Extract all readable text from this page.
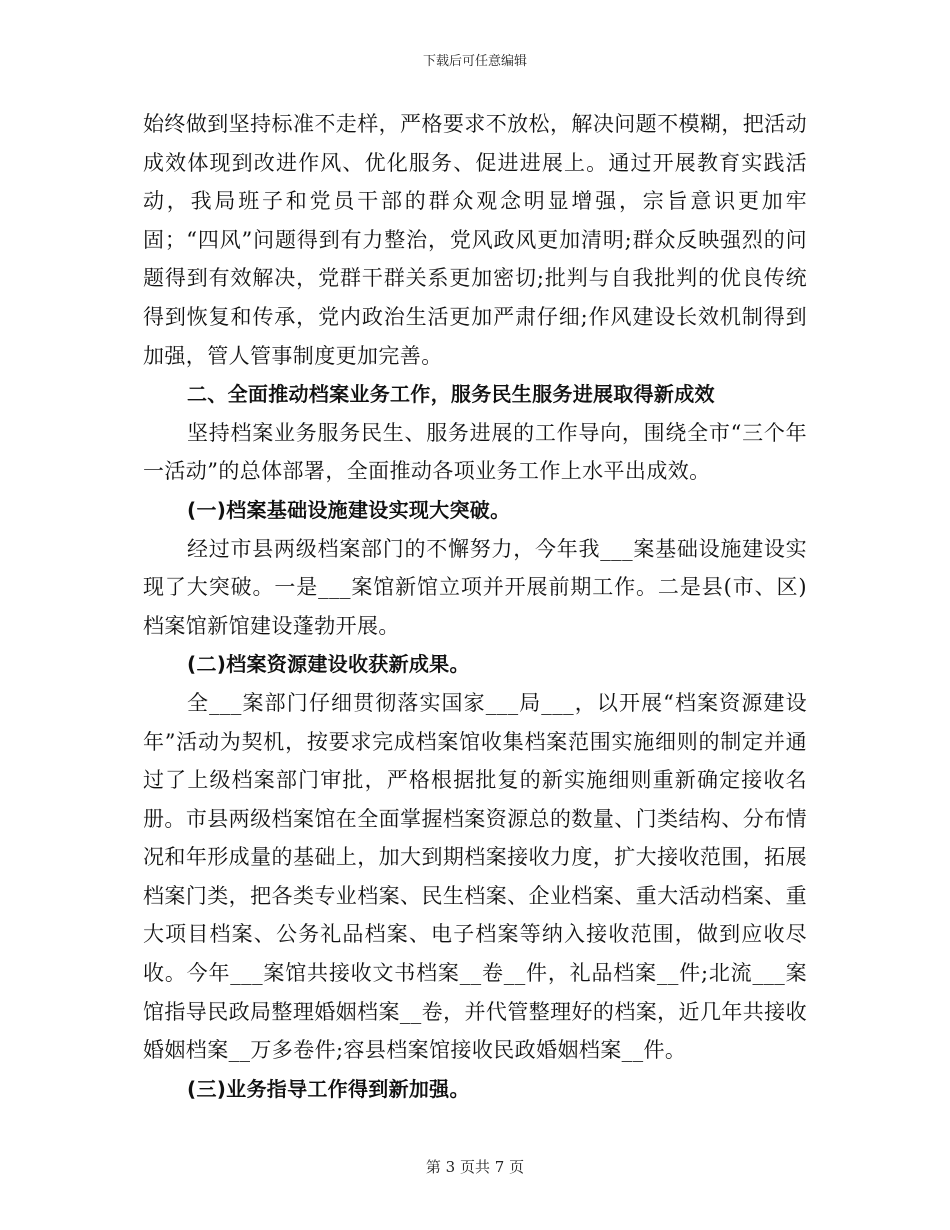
下载后可任意编辑

始终做到坚持标准不走样，严格要求不放松，解决问题不模糊，把活动成效体现到改进作风、优化服务、促进进展上。通过开展教育实践活动，我局班子和党员干部的群众观念明显增强，宗旨意识更加牢固；“四风”问题得到有力整治，党风政风更加清明;群众反映强烈的问题得到有效解决，党群干群关系更加密切;批判与自我批判的优良传统得到恢复和传承，党内政治生活更加严肃仔细;作风建设长效机制得到加强，管人管事制度更加完善。

二、全面推动档案业务工作，服务民生服务进展取得新成效

坚持档案业务服务民生、服务进展的工作导向，围绕全市“三个年一活动”的总体部署，全面推动各项业务工作上水平出成效。

(一)档案基础设施建设实现大突破。

经过市县两级档案部门的不懈努力，今年我___案基础设施建设实现了大突破。一是___案馆新馆立项并开展前期工作。二是县(市、区)档案馆新馆建设蓬勃开展。

(二)档案资源建设收获新成果。

全___案部门仔细贯彻落实国家___局___，以开展“档案资源建设年”活动为契机，按要求完成档案馆收集档案范围实施细则的制定并通过了上级档案部门审批，严格根据批复的新实施细则重新确定接收名册。市县两级档案馆在全面掌握档案资源总的数量、门类结构、分布情况和年形成量的基础上，加大到期档案接收力度，扩大接收范围，拓展档案门类，把各类专业档案、民生档案、企业档案、重大活动档案、重大项目档案、公务礼品档案、电子档案等纳入接收范围，做到应收尽收。今年___案馆共接收文书档案__卷__件，礼品档案__件;北流___案馆指导民政局整理婚姻档案__卷，并代管整理好的档案，近几年共接收婚姻档案__万多卷件;容县档案馆接收民政婚姻档案__件。

(三)业务指导工作得到新加强。

第 3 页共 7 页
